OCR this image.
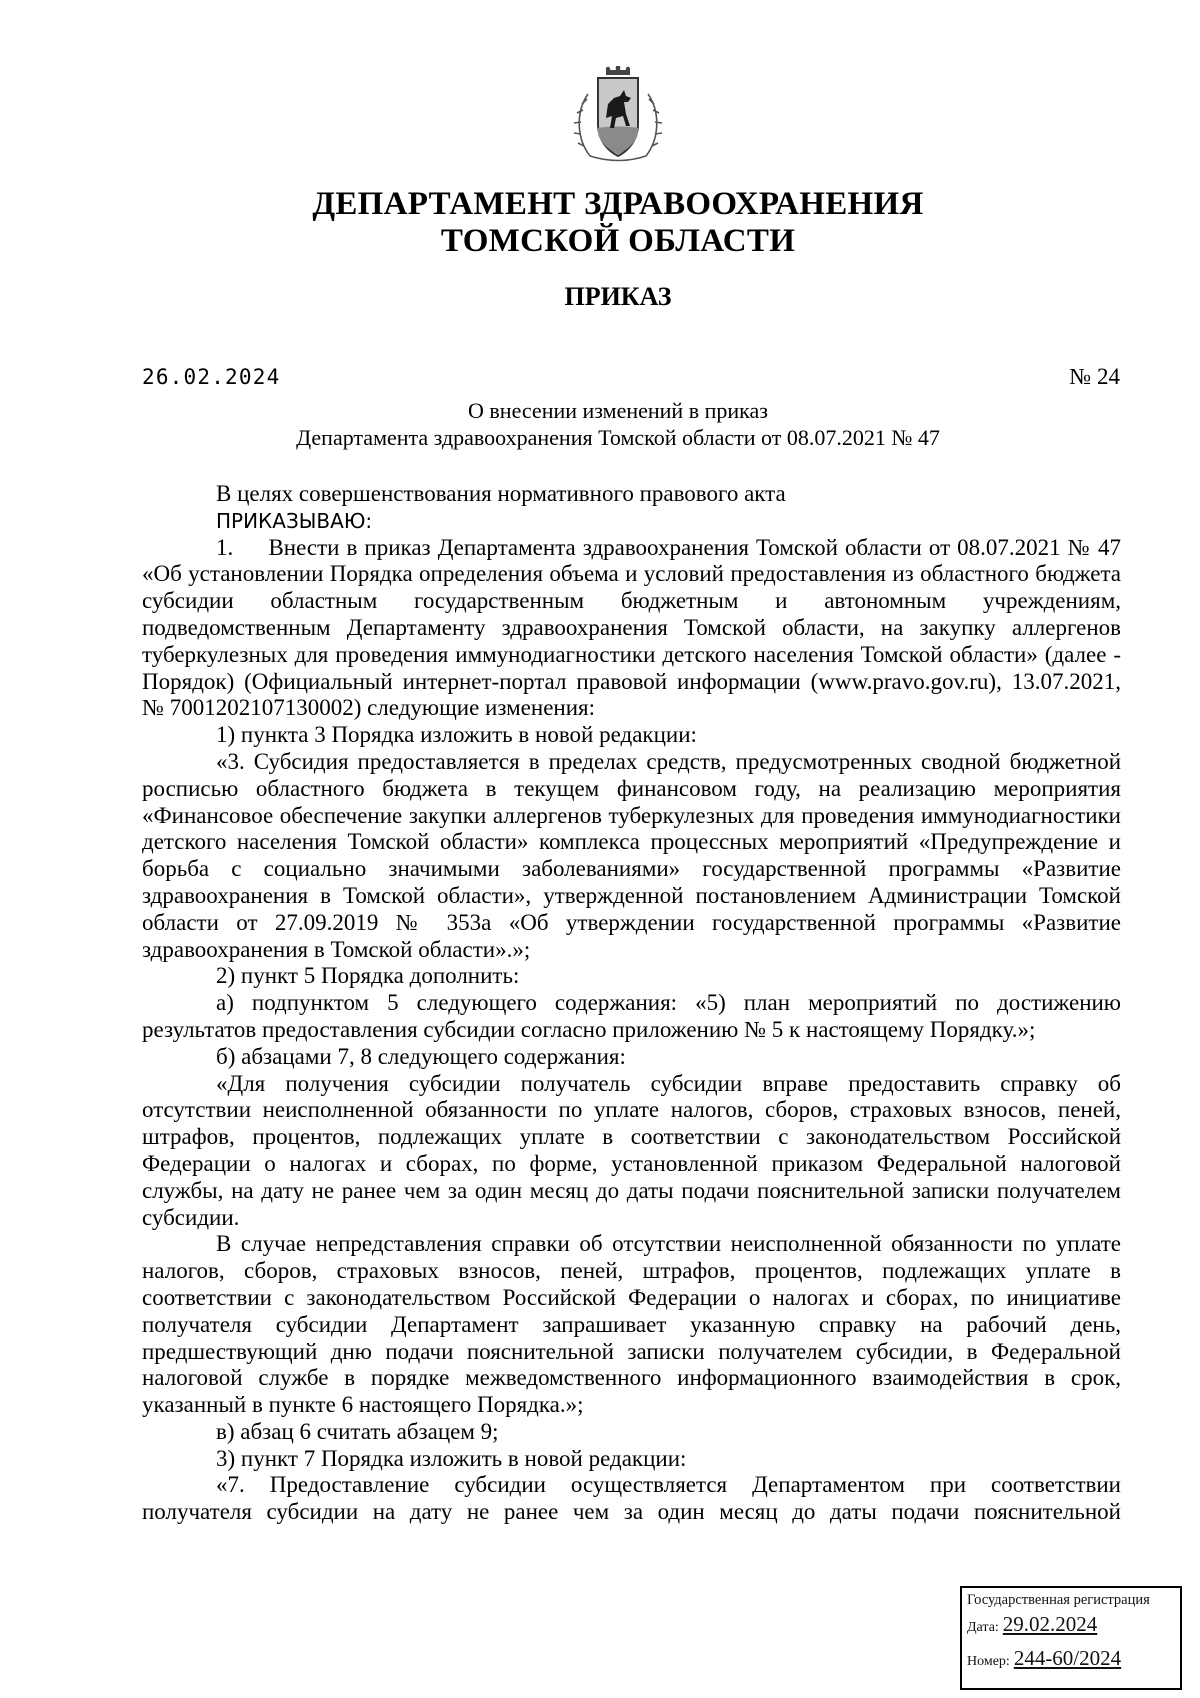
ДЕПАРТАМЕНТ ЗДРАВООХРАНЕНИЯ
ТОМСКОЙ ОБЛАСТИ
ПРИКАЗ
26.02.2024	№ 24
О внесении изменений в приказ
Департамента здравоохранения Томской области от 08.07.2021 № 47

В целях совершенствования нормативного правового акта

ПРИКАЗЫВАЮ:

1.     Внести в приказ Департамента здравоохранения Томской области от 08.07.2021 № 47 «Об установлении Порядка определения объема и условий предоставления из областного бюджета субсидии областным государственным бюджетным и автономным учреждениям, подведомственным Департаменту здравоохранения Томской области, на закупку аллергенов туберкулезных для проведения иммунодиагностики детского населения Томской области» (далее - Порядок) (Официальный интернет-портал правовой информации (www.pravo.gov.ru), 13.07.2021, № 7001202107130002) следующие изменения:

1) пункта 3 Порядка изложить в новой редакции:

«3. Субсидия предоставляется в пределах средств, предусмотренных сводной бюджетной росписью областного бюджета в текущем финансовом году, на реализацию мероприятия «Финансовое обеспечение закупки аллергенов туберкулезных для проведения иммунодиагностики детского населения Томской области» комплекса процессных мероприятий «Предупреждение и борьба с социально значимыми заболеваниями» государственной программы «Развитие здравоохранения в Томской области», утвержденной постановлением Администрации Томской области от 27.09.2019 № 353а «Об утверждении государственной программы «Развитие здравоохранения в Томской области».»;

2) пункт 5 Порядка дополнить:

а) подпунктом 5 следующего содержания: «5) план мероприятий по достижению результатов предоставления субсидии согласно приложению № 5 к настоящему Порядку.»;

б) абзацами 7, 8 следующего содержания:

«Для получения субсидии получатель субсидии вправе предоставить справку об отсутствии неисполненной обязанности по уплате налогов, сборов, страховых взносов, пеней, штрафов, процентов, подлежащих уплате в соответствии с законодательством Российской Федерации о налогах и сборах, по форме, установленной приказом Федеральной налоговой службы, на дату не ранее чем за один месяц до даты подачи пояснительной записки получателем субсидии.

В случае непредставления справки об отсутствии неисполненной обязанности по уплате налогов, сборов, страховых взносов, пеней, штрафов, процентов, подлежащих уплате в соответствии с законодательством Российской Федерации о налогах и сборах, по инициативе получателя субсидии Департамент запрашивает указанную справку на рабочий день, предшествующий дню подачи пояснительной записки получателем субсидии, в Федеральной налоговой службе в порядке межведомственного информационного взаимодействия в срок, указанный в пункте 6 настоящего Порядка.»;

в) абзац 6 считать абзацем 9;

3) пункт 7 Порядка изложить в новой редакции:

«7. Предоставление субсидии осуществляется Департаментом при соответствии получателя субсидии на дату не ранее чем за один месяц до даты подачи пояснительной

Государственная регистрация
Дата: 29.02.2024
Номер: 244-60/2024
